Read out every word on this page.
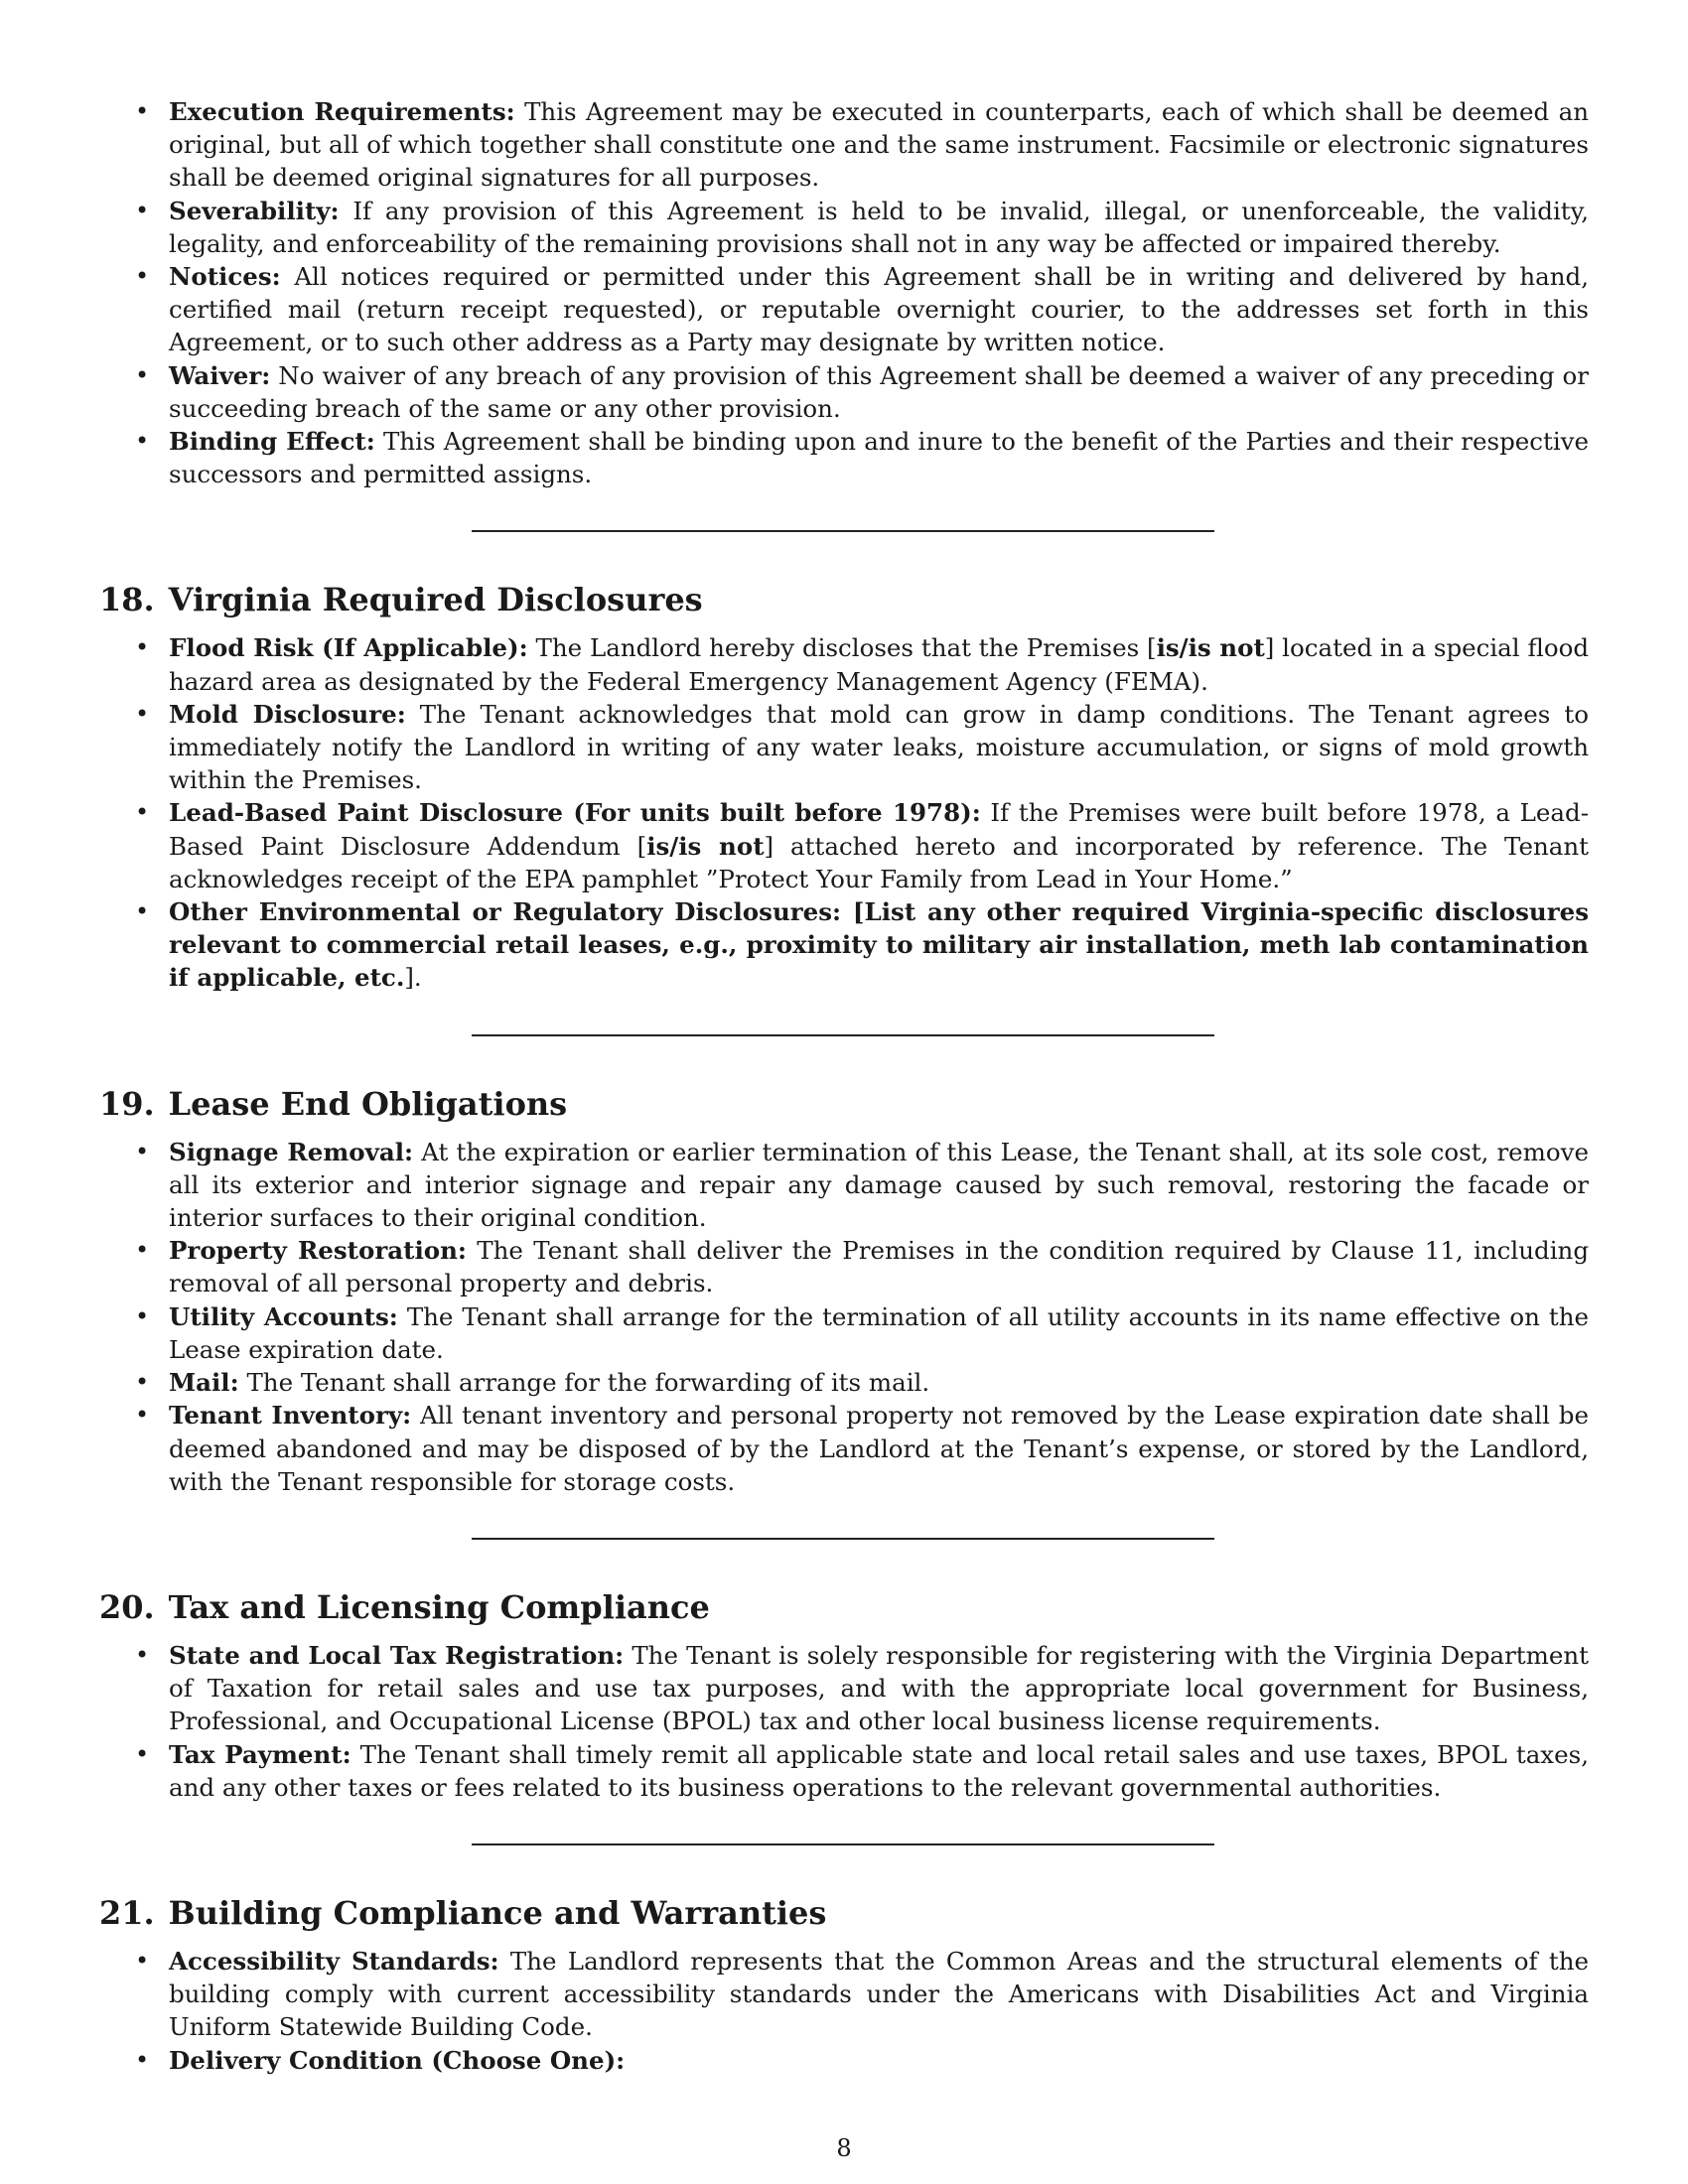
• Execution Requirements: This Agreement may be executed in counterparts, each of which shall be deemed an original, but all of which together shall constitute one and the same instrument. Facsimile or electronic signatures shall be deemed original signatures for all purposes.
• Severability: If any provision of this Agreement is held to be invalid, illegal, or unenforceable, the validity, legality, and enforceability of the remaining provisions shall not in any way be affected or impaired thereby.
• Notices: All notices required or permitted under this Agreement shall be in writing and delivered by hand, certified mail (return receipt requested), or reputable overnight courier, to the addresses set forth in this Agreement, or to such other address as a Party may designate by written notice.
• Waiver: No waiver of any breach of any provision of this Agreement shall be deemed a waiver of any preceding or succeeding breach of the same or any other provision.
• Binding Effect: This Agreement shall be binding upon and inure to the benefit of the Parties and their respective successors and permitted assigns.
18. Virginia Required Disclosures
• Flood Risk (If Applicable): The Landlord hereby discloses that the Premises [is/is not] located in a special flood hazard area as designated by the Federal Emergency Management Agency (FEMA).
• Mold Disclosure: The Tenant acknowledges that mold can grow in damp conditions. The Tenant agrees to immediately notify the Landlord in writing of any water leaks, moisture accumulation, or signs of mold growth within the Premises.
• Lead-Based Paint Disclosure (For units built before 1978): If the Premises were built before 1978, a Lead-Based Paint Disclosure Addendum [is/is not] attached hereto and incorporated by reference. The Tenant acknowledges receipt of the EPA pamphlet ”Protect Your Family from Lead in Your Home.”
• Other Environmental or Regulatory Disclosures: [List any other required Virginia-specific disclosures relevant to commercial retail leases, e.g., proximity to military air installation, meth lab contamination if applicable, etc.].
19. Lease End Obligations
• Signage Removal: At the expiration or earlier termination of this Lease, the Tenant shall, at its sole cost, remove all its exterior and interior signage and repair any damage caused by such removal, restoring the facade or interior surfaces to their original condition.
• Property Restoration: The Tenant shall deliver the Premises in the condition required by Clause 11, including removal of all personal property and debris.
• Utility Accounts: The Tenant shall arrange for the termination of all utility accounts in its name effective on the Lease expiration date.
• Mail: The Tenant shall arrange for the forwarding of its mail.
• Tenant Inventory: All tenant inventory and personal property not removed by the Lease expiration date shall be deemed abandoned and may be disposed of by the Landlord at the Tenant’s expense, or stored by the Landlord, with the Tenant responsible for storage costs.
20. Tax and Licensing Compliance
• State and Local Tax Registration: The Tenant is solely responsible for registering with the Virginia Department of Taxation for retail sales and use tax purposes, and with the appropriate local government for Business, Professional, and Occupational License (BPOL) tax and other local business license requirements.
• Tax Payment: The Tenant shall timely remit all applicable state and local retail sales and use taxes, BPOL taxes, and any other taxes or fees related to its business operations to the relevant governmental authorities.
21. Building Compliance and Warranties
• Accessibility Standards: The Landlord represents that the Common Areas and the structural elements of the building comply with current accessibility standards under the Americans with Disabilities Act and Virginia Uniform Statewide Building Code.
• Delivery Condition (Choose One):
8
